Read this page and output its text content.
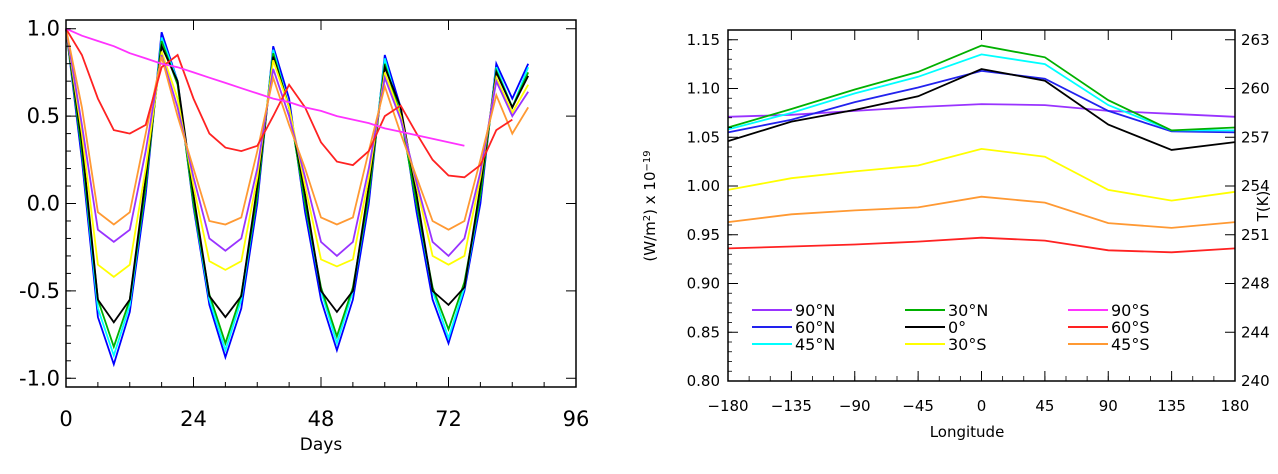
1.0
0.5
0.0
-0.5
-1.0
0	24	48	72	96
Days
0.80
0.85
0.90
0.95
1.00
1.05
1.10
1.15
240
244
248
251
254
257
260
263
−180 −135 −90 −45	0	45	90	135 180
90°N	30°N	90°S
60°N	0°	60°S
45°N	30°S	45°S
Longitude
$(W/m^2)$ x $10^{-19}$
T(K)
